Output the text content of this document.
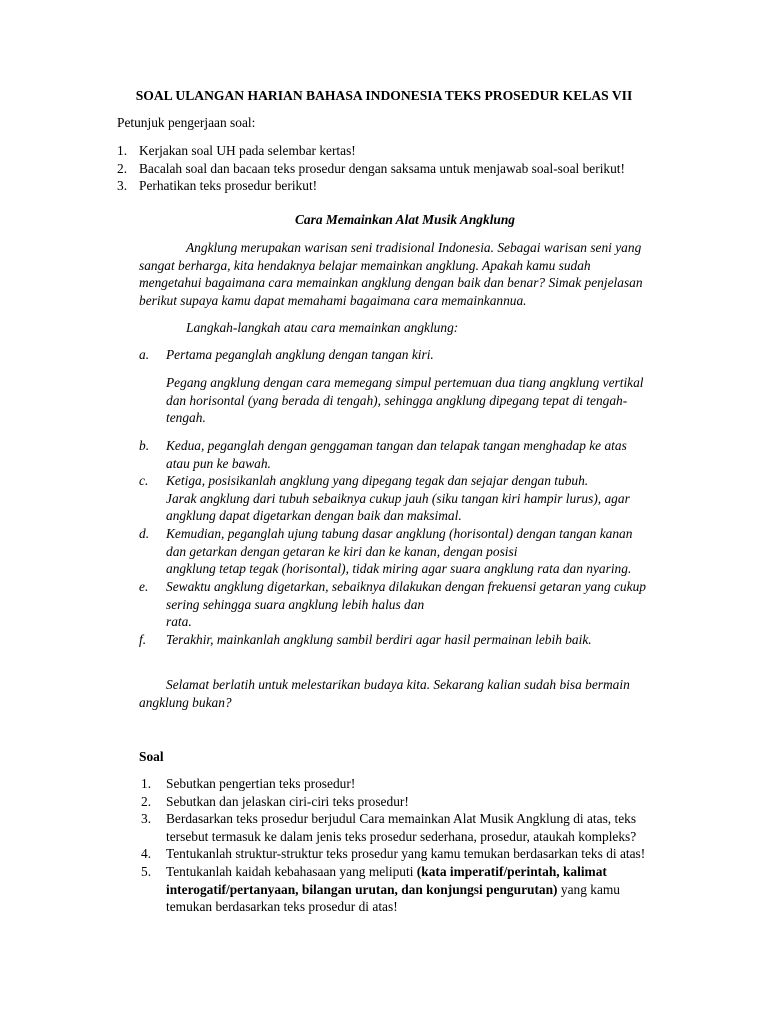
SOAL ULANGAN HARIAN BAHASA INDONESIA TEKS PROSEDUR KELAS VII
Petunjuk pengerjaan soal:
1. Kerjakan soal UH pada selembar kertas!
2. Bacalah soal dan bacaan teks prosedur dengan saksama untuk menjawab soal-soal berikut!
3. Perhatikan teks prosedur berikut!
Cara Memainkan Alat Musik Angklung
Angklung merupakan warisan seni tradisional Indonesia. Sebagai warisan seni yang
sangat berharga, kita hendaknya belajar memainkan angklung. Apakah kamu sudah
mengetahui bagaimana cara memainkan angklung dengan baik dan benar? Simak penjelasan
berikut supaya kamu dapat memahami bagaimana cara memainkannua.
Langkah-langkah atau cara memainkan angklung:
a.	Pertama peganglah angklung dengan tangan kiri.
Pegang angklung dengan cara memegang simpul pertemuan dua tiang angklung vertikal
dan horisontal (yang berada di tengah), sehingga angklung dipegang tepat di tengah-
tengah.
b.	Kedua, peganglah dengan genggaman tangan dan telapak tangan menghadap ke atas
atau pun ke bawah.
c.	Ketiga, posisikanlah angklung yang dipegang tegak dan sejajar dengan tubuh.
Jarak angklung dari tubuh sebaiknya cukup jauh (siku tangan kiri hampir lurus), agar
angklung dapat digetarkan dengan baik dan maksimal.
d.	Kemudian, peganglah ujung tabung dasar angklung (horisontal) dengan tangan kanan
dan getarkan dengan getaran ke kiri dan ke kanan, dengan posisi
angklung tetap tegak (horisontal), tidak miring agar suara angklung rata dan nyaring.
e.	Sewaktu angklung digetarkan, sebaiknya dilakukan dengan frekuensi getaran yang cukup
sering sehingga suara angklung lebih halus dan
rata.
f.	Terakhir, mainkanlah angklung sambil berdiri agar hasil permainan lebih baik.
Selamat berlatih untuk melestarikan budaya kita. Sekarang kalian sudah bisa bermain
angklung bukan?
Soal
1.	Sebutkan pengertian teks prosedur!
2.	Sebutkan dan jelaskan ciri-ciri teks prosedur!
3.	Berdasarkan teks prosedur berjudul Cara memainkan Alat Musik Angklung di atas, teks
tersebut termasuk ke dalam jenis teks prosedur sederhana, prosedur, ataukah kompleks?
4.	Tentukanlah struktur-struktur teks prosedur yang kamu temukan berdasarkan teks di atas!
5.	Tentukanlah kaidah kebahasaan yang meliputi (kata imperatif/perintah, kalimat
interogatif/pertanyaan, bilangan urutan, dan konjungsi pengurutan) yang kamu
temukan berdasarkan teks prosedur di atas!
